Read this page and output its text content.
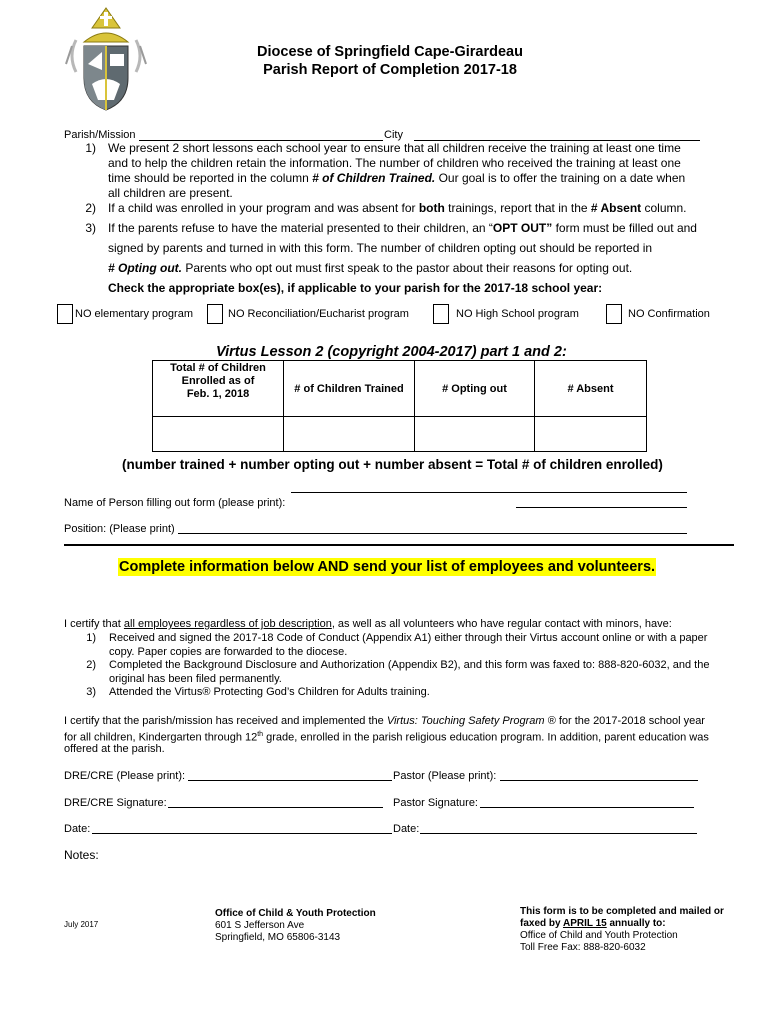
Diocese of Springfield Cape-Girardeau
Parish Report of Completion 2017-18
Parish/Mission	City
1) We present 2 short lessons each school year to ensure that all children receive the training at least one time
and to help the children retain the information. The number of children who received the training at least one
time should be reported in the column # of Children Trained. Our goal is to offer the training on a date when
all children are present.
2) If a child was enrolled in your program and was absent for both trainings, report that in the # Absent column.
3) If the parents refuse to have the material presented to their children, an “OPT OUT” form must be filled out and
signed by parents and turned in with this form. The number of children opting out should be reported in
# Opting out. Parents who opt out must first speak to the pastor about their reasons for opting out.
Check the appropriate box(es), if applicable to your parish for the 2017-18 school year:
NO elementary program	NO Reconciliation/Eucharist program	NO High School program	NO Confirmation
Virtus Lesson 2 (copyright 2004-2017) part 1 and 2:
Total # of Children
Enrolled as of
Feb. 1, 2018	# of Children Trained	# Opting out	# Absent

(number trained + number opting out + number absent = Total # of children enrolled)
Name of Person filling out form (please print):
Position: (Please print)
Complete information below AND send your list of employees and volunteers.
I certify that all employees regardless of job description, as well as all volunteers who have regular contact with minors, have:
1) Received and signed the 2017-18 Code of Conduct (Appendix A1) either through their Virtus account online or with a paper
copy. Paper copies are forwarded to the diocese.
2) Completed the Background Disclosure and Authorization (Appendix B2), and this form was faxed to: 888-820-6032, and the
original has been filed permanently.
3) Attended the Virtus® Protecting God’s Children for Adults training.
I certify that the parish/mission has received and implemented the Virtus: Touching Safety Program ® for the 2017-2018 school year
for all children, Kindergarten through 12th grade, enrolled in the parish religious education program. In addition, parent education was
offered at the parish.
DRE/CRE (Please print):	Pastor (Please print):
DRE/CRE Signature:	Pastor Signature:
Date:	Date:
Notes:
July 2017
Office of Child & Youth Protection
601 S Jefferson Ave
Springfield, MO 65806-3143
This form is to be completed and mailed or
faxed by APRIL 15 annually to:
Office of Child and Youth Protection
Toll Free Fax: 888-820-6032
